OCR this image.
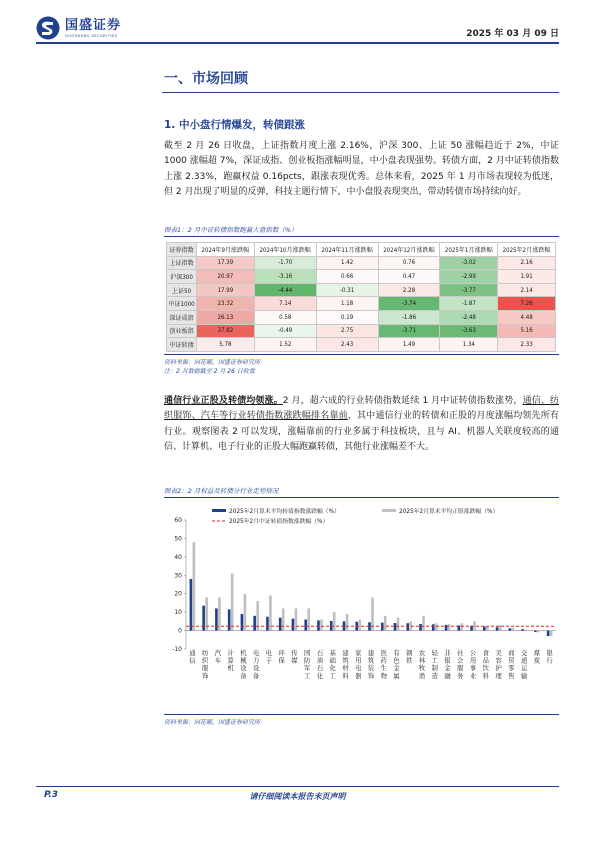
国盛证券
GUOSHENG SECURITIES	2025 年 03 月 09 日
一、市场回顾
1. 中小盘行情爆发，转债跟涨
截至 2 月 26 日收盘，上证指数月度上涨 2.16%，沪深 300、上证 50 涨幅趋近于 2%，中证 1000 涨幅超 7%，深证成指、创业板指涨幅明显，中小盘表现强势。转债方面，2 月中证转债指数上涨 2.33%，跑赢权益 0.16pcts，跟涨表现优秀。总体来看，2025 年 1 月市场表现较为低迷，但 2 月出现了明显的反弹，科技主题行情下，中小盘股表现突出，带动转债市场持续向好。
图表1：2 月中证转债指数跑赢大盘指数（%）
证券指数	2024年9月涨跌幅	2024年10月涨跌幅	2024年11月涨跌幅	2024年12月涨跌幅	2025年1月涨跌幅	2025年2月涨跌幅
上证指数	17.39	-1.70	1.42	0.76	-3.02	2.16
沪深300	20.97	-3.16	0.66	0.47	-2.99	1.91
上证50	17.99	-4.44	-0.31	2.28	-3.77	2.14
中证1000	23.32	7.14	1.18	-3.74	-1.87	7.26
深证成指	26.13	0.58	0.19	-1.86	-2.48	4.48
创业板指	37.82	-0.49	2.75	-3.71	-3.63	5.16
中证转债	5.78	1.52	2.43	1.49	1.34	2.33
资料来源：同花顺，国盛证券研究所
注：2 月数据截至 2 月 26 日收盘
通信行业正股及转债均领涨。2 月，超六成的行业转债指数延续 1 月中证转债指数涨势，通信、纺织服饰、汽车等行业转债指数涨跌幅排名靠前，其中通信行业的转债和正股的月度涨幅均领先所有行业。观察图表 2 可以发现，涨幅靠前的行业多属于科技板块，且与 AI、机器人关联度较高的通信、计算机、电子行业的正股大幅跑赢转债，其他行业涨幅差不大。
图表2：2 月权益及转债分行业走势情况
2025年2月算术平均转债指数涨跌幅（%）	2025年2月算术平均正股涨跌幅（%）
2025年2月中证转债指数涨跌幅（%）
-10
0
10
20
30
40
50
60
通信
纺织服饰
汽车
计算机
机械设备
电力设备
电子
环保
传媒
国防军工
石油石化
基础化工
建筑材料
家用电器
建筑装饰
医药生物
有色金属
钢铁
农林牧渔
轻工制造
非银金融
社会服务
公用事业
食品饮料
美容护理
商贸零售
交通运输
煤炭
银行
资料来源：同花顺，国盛证券研究所
P.3	请仔细阅读本报告末页声明
